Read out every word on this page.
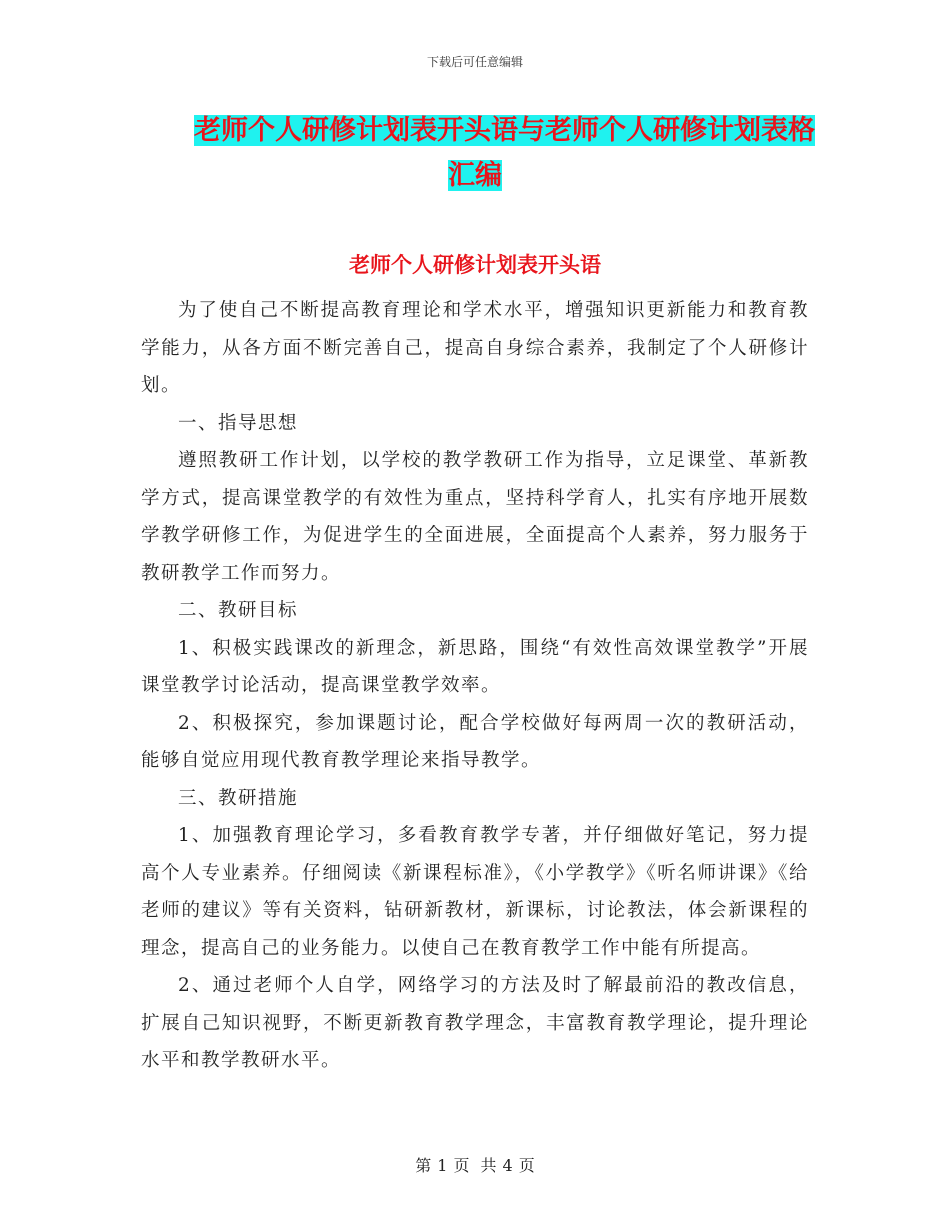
下载后可任意编辑
老师个人研修计划表开头语与老师个人研修计划表格
汇编
老师个人研修计划表开头语

为了使自己不断提高教育理论和学术水平，增强知识更新能力和教育教学能力，从各方面不断完善自己，提高自身综合素养，我制定了个人研修计划。

一、指导思想

遵照教研工作计划，以学校的教学教研工作为指导，立足课堂、革新教学方式，提高课堂教学的有效性为重点，坚持科学育人，扎实有序地开展数学教学研修工作，为促进学生的全面进展，全面提高个人素养，努力服务于教研教学工作而努力。

二、教研目标

1、积极实践课改的新理念，新思路，围绕“有效性高效课堂教学”开展课堂教学讨论活动，提高课堂教学效率。

2、积极探究，参加课题讨论，配合学校做好每两周一次的教研活动，能够自觉应用现代教育教学理论来指导教学。

三、教研措施

1、加强教育理论学习，多看教育教学专著，并仔细做好笔记，努力提高个人专业素养。仔细阅读《新课程标准》，《小学教学》《听名师讲课》《给老师的建议》等有关资料，钻研新教材，新课标，讨论教法，体会新课程的理念，提高自己的业务能力。以使自己在教育教学工作中能有所提高。

2、通过老师个人自学，网络学习的方法及时了解最前沿的教改信息，扩展自己知识视野，不断更新教育教学理念，丰富教育教学理论，提升理论水平和教学教研水平。

第 1 页 共 4 页
